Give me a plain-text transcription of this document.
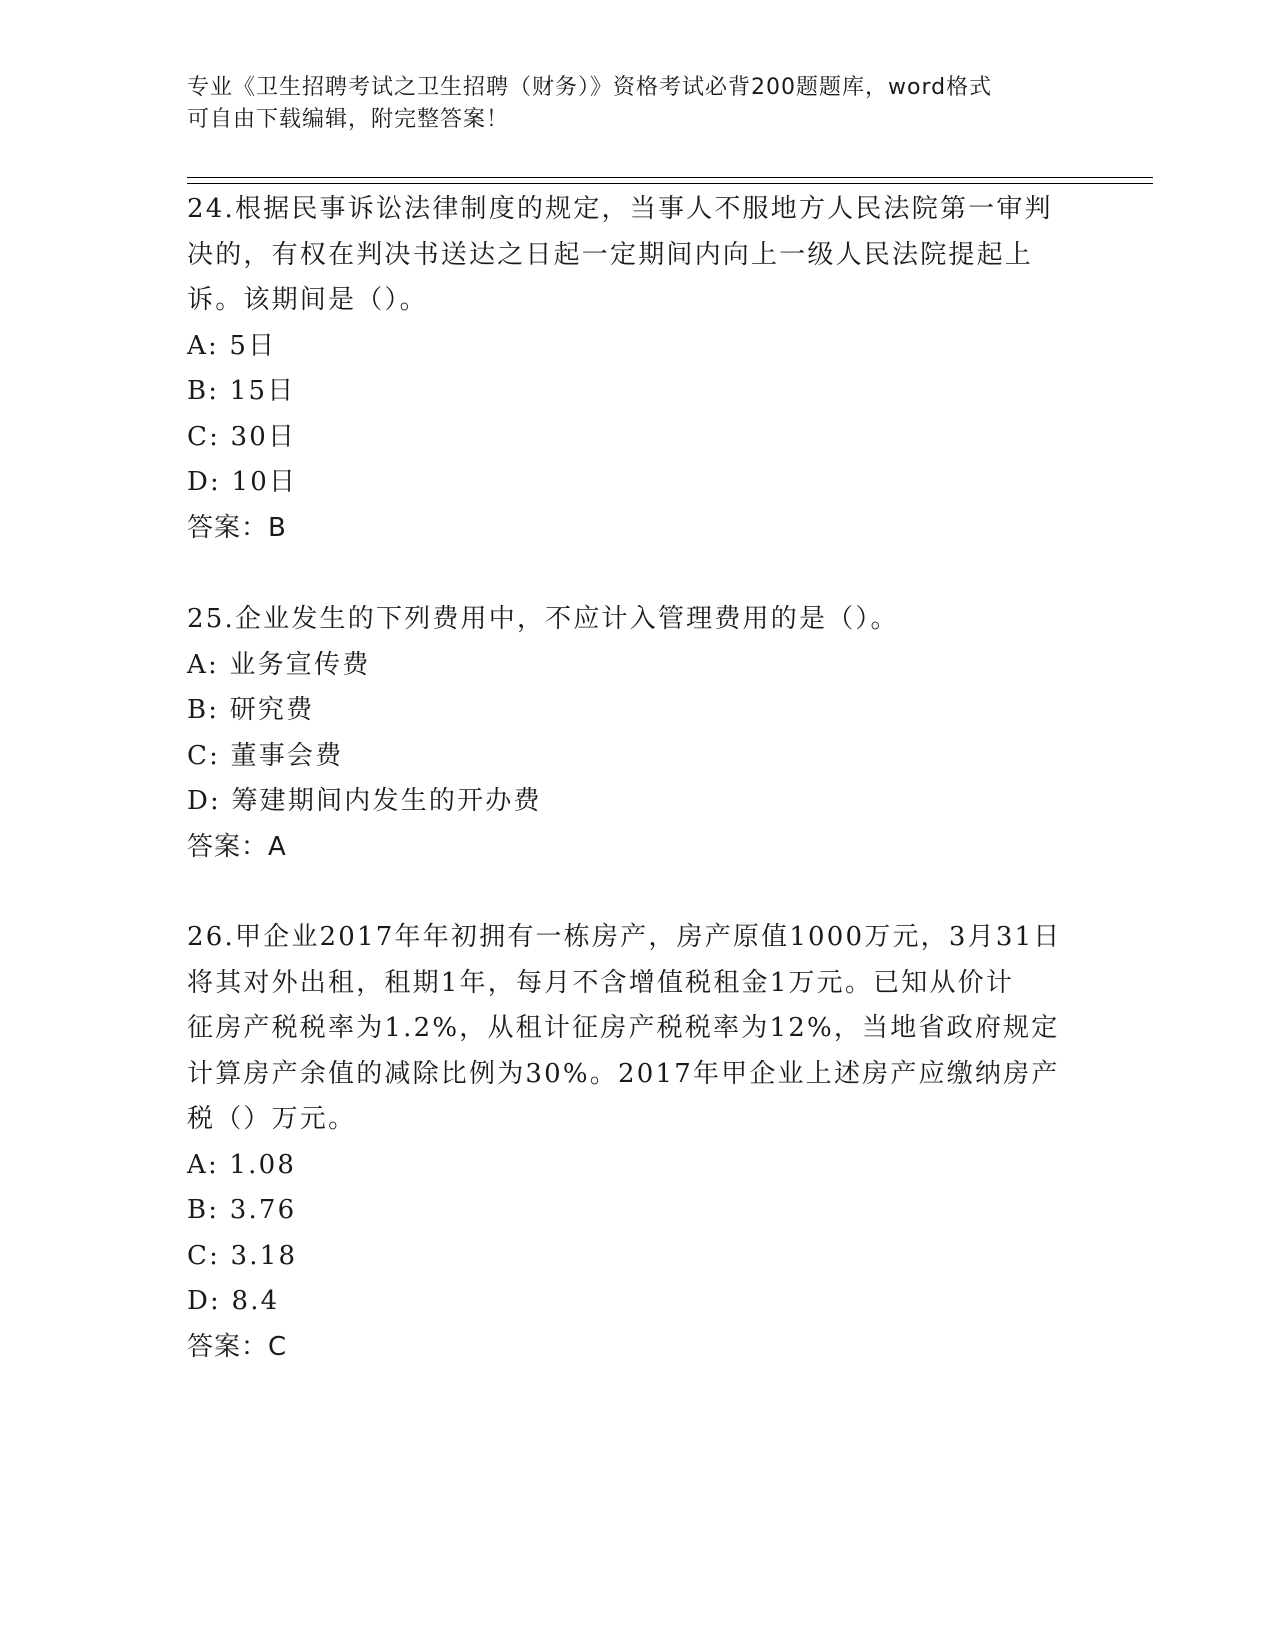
专业《卫生招聘考试之卫生招聘（财务）》资格考试必背200题题库，word格式
可自由下载编辑，附完整答案！
24.根据民事诉讼法律制度的规定，当事人不服地方人民法院第一审判
决的，有权在判决书送达之日起一定期间内向上一级人民法院提起上
诉。该期间是（）。
A: 5日
B: 15日
C: 30日
D: 10日
答案：B
25.企业发生的下列费用中，不应计入管理费用的是（）。
A: 业务宣传费
B: 研究费
C: 董事会费
D: 筹建期间内发生的开办费
答案：A
26.甲企业2017年年初拥有一栋房产，房产原值1000万元，3月31日
将其对外出租，租期1年，每月不含增值税租金1万元。已知从价计
征房产税税率为1.2%，从租计征房产税税率为12%，当地省政府规定
计算房产余值的减除比例为30%。2017年甲企业上述房产应缴纳房产
税（）万元。
A: 1.08
B: 3.76
C: 3.18
D: 8.4
答案：C
